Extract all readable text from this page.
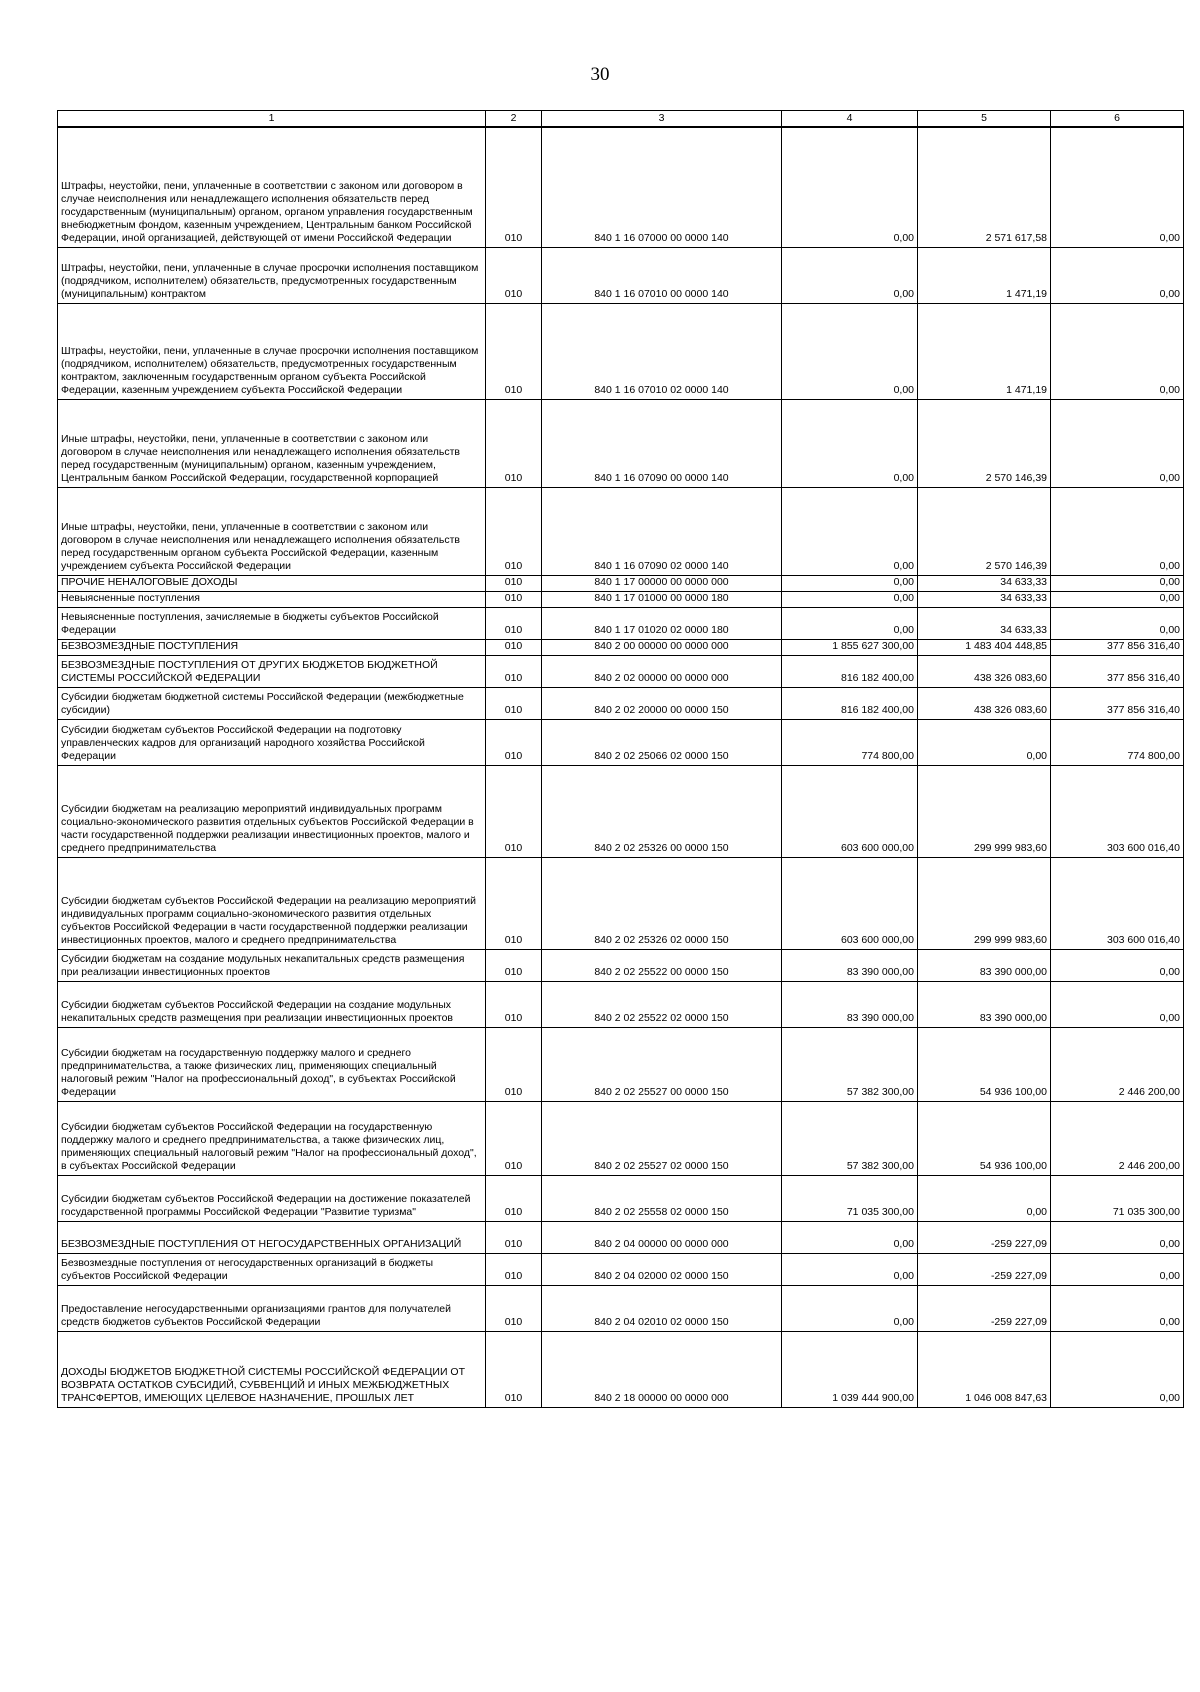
30
1	2	3	4	5	6
Штрафы, неустойки, пени, уплаченные в соответствии с законом или договором в случае неисполнения или ненадлежащего исполнения обязательств перед государственным (муниципальным) органом, органом управления государственным внебюджетным фондом, казенным учреждением, Центральным банком Российской Федерации, иной организацией, действующей от имени Российской Федерации	010	840 1 16 07000 00 0000 140	0,00	2 571 617,58	0,00
Штрафы, неустойки, пени, уплаченные в случае просрочки исполнения поставщиком (подрядчиком, исполнителем) обязательств, предусмотренных государственным (муниципальным) контрактом	010	840 1 16 07010 00 0000 140	0,00	1 471,19	0,00
Штрафы, неустойки, пени, уплаченные в случае просрочки исполнения поставщиком (подрядчиком, исполнителем) обязательств, предусмотренных государственным контрактом, заключенным государственным органом субъекта Российской Федерации, казенным учреждением субъекта Российской Федерации	010	840 1 16 07010 02 0000 140	0,00	1 471,19	0,00
Иные штрафы, неустойки, пени, уплаченные в соответствии с законом или договором в случае неисполнения или ненадлежащего исполнения обязательств перед государственным (муниципальным) органом, казенным учреждением, Центральным банком Российской Федерации, государственной корпорацией	010	840 1 16 07090 00 0000 140	0,00	2 570 146,39	0,00
Иные штрафы, неустойки, пени, уплаченные в соответствии с законом или договором в случае неисполнения или ненадлежащего исполнения обязательств перед государственным органом субъекта Российской Федерации, казенным учреждением субъекта Российской Федерации	010	840 1 16 07090 02 0000 140	0,00	2 570 146,39	0,00
ПРОЧИЕ НЕНАЛОГОВЫЕ ДОХОДЫ	010	840 1 17 00000 00 0000 000	0,00	34 633,33	0,00
Невыясненные поступления	010	840 1 17 01000 00 0000 180	0,00	34 633,33	0,00
Невыясненные поступления, зачисляемые в бюджеты субъектов Российской Федерации	010	840 1 17 01020 02 0000 180	0,00	34 633,33	0,00
БЕЗВОЗМЕЗДНЫЕ ПОСТУПЛЕНИЯ	010	840 2 00 00000 00 0000 000	1 855 627 300,00	1 483 404 448,85	377 856 316,40
БЕЗВОЗМЕЗДНЫЕ ПОСТУПЛЕНИЯ ОТ ДРУГИХ БЮДЖЕТОВ БЮДЖЕТНОЙ СИСТЕМЫ РОССИЙСКОЙ ФЕДЕРАЦИИ	010	840 2 02 00000 00 0000 000	816 182 400,00	438 326 083,60	377 856 316,40
Субсидии бюджетам бюджетной системы Российской Федерации (межбюджетные субсидии)	010	840 2 02 20000 00 0000 150	816 182 400,00	438 326 083,60	377 856 316,40
Субсидии бюджетам субъектов Российской Федерации на подготовку управленческих кадров для организаций народного хозяйства Российской Федерации	010	840 2 02 25066 02 0000 150	774 800,00	0,00	774 800,00
Субсидии бюджетам на реализацию мероприятий индивидуальных программ социально-экономического развития отдельных субъектов Российской Федерации в части государственной поддержки реализации инвестиционных проектов, малого и среднего предпринимательства	010	840 2 02 25326 00 0000 150	603 600 000,00	299 999 983,60	303 600 016,40
Субсидии бюджетам субъектов Российской Федерации на реализацию мероприятий индивидуальных программ социально-экономического развития отдельных субъектов Российской Федерации в части государственной поддержки реализации инвестиционных проектов, малого и среднего предпринимательства	010	840 2 02 25326 02 0000 150	603 600 000,00	299 999 983,60	303 600 016,40
Субсидии бюджетам на создание модульных некапитальных средств размещения при реализации инвестиционных проектов	010	840 2 02 25522 00 0000 150	83 390 000,00	83 390 000,00	0,00
Субсидии бюджетам субъектов Российской Федерации на создание модульных некапитальных средств размещения при реализации инвестиционных проектов	010	840 2 02 25522 02 0000 150	83 390 000,00	83 390 000,00	0,00
Субсидии бюджетам на государственную поддержку малого и среднего предпринимательства, а также физических лиц, применяющих специальный налоговый режим "Налог на профессиональный доход", в субъектах Российской Федерации	010	840 2 02 25527 00 0000 150	57 382 300,00	54 936 100,00	2 446 200,00
Субсидии бюджетам субъектов Российской Федерации на государственную поддержку малого и среднего предпринимательства, а также физических лиц, применяющих специальный налоговый режим "Налог на профессиональный доход", в субъектах Российской Федерации	010	840 2 02 25527 02 0000 150	57 382 300,00	54 936 100,00	2 446 200,00
Субсидии бюджетам субъектов Российской Федерации на достижение показателей государственной программы Российской Федерации "Развитие туризма"	010	840 2 02 25558 02 0000 150	71 035 300,00	0,00	71 035 300,00
БЕЗВОЗМЕЗДНЫЕ ПОСТУПЛЕНИЯ ОТ НЕГОСУДАРСТВЕННЫХ ОРГАНИЗАЦИЙ	010	840 2 04 00000 00 0000 000	0,00	-259 227,09	0,00
Безвозмездные поступления от негосударственных организаций в бюджеты субъектов Российской Федерации	010	840 2 04 02000 02 0000 150	0,00	-259 227,09	0,00
Предоставление негосударственными организациями грантов для получателей средств бюджетов субъектов Российской Федерации	010	840 2 04 02010 02 0000 150	0,00	-259 227,09	0,00
ДОХОДЫ БЮДЖЕТОВ БЮДЖЕТНОЙ СИСТЕМЫ РОССИЙСКОЙ ФЕДЕРАЦИИ ОТ ВОЗВРАТА ОСТАТКОВ СУБСИДИЙ, СУБВЕНЦИЙ И ИНЫХ МЕЖБЮДЖЕТНЫХ ТРАНСФЕРТОВ, ИМЕЮЩИХ ЦЕЛЕВОЕ НАЗНАЧЕНИЕ, ПРОШЛЫХ ЛЕТ	010	840 2 18 00000 00 0000 000	1 039 444 900,00	1 046 008 847,63	0,00
